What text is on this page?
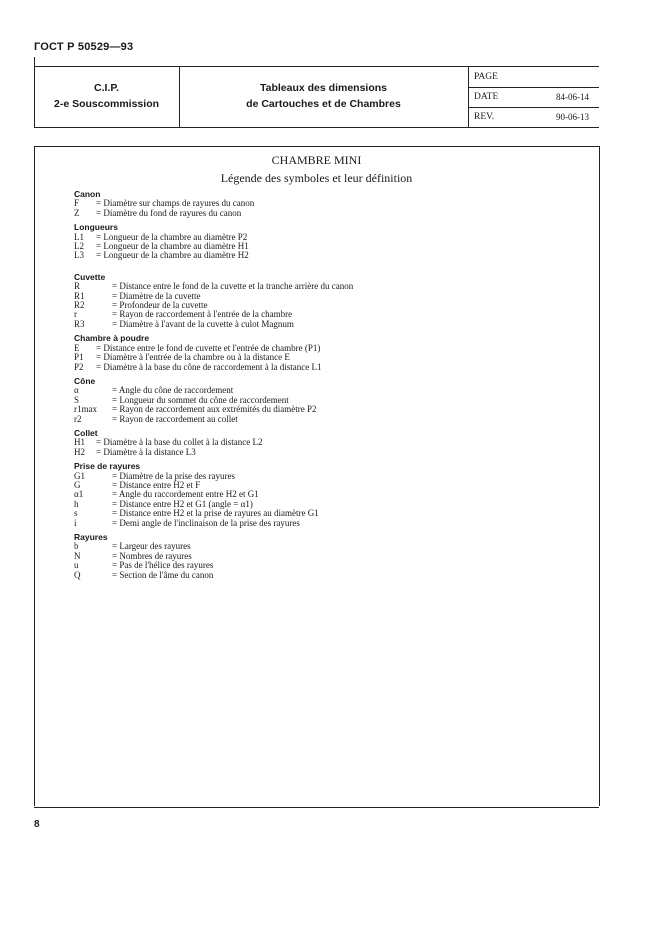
ГОСТ Р 50529—93
C.I.P.
2-e Souscommission
Tableaux des dimensions
de Cartouches et de Chambres
PAGE
DATE	84-06-14
REV.	90-06-13
CHAMBRE MINI
Légende des symboles et leur définition
Canon
F	= Diamètre sur champs de rayures du canon
Z	= Diamètre du fond de rayures du canon
Longueurs
L1	= Longueur de la chambre au diamètre P2
L2	= Longueur de la chambre au diamètre H1
L3	= Longueur de la chambre au diamètre H2
Cuvette
R	= Distance entre le fond de la cuvette et la tranche arrière du canon
R1	= Diamètre de la cuvette
R2	= Profondeur de la cuvette
r	= Rayon de raccordement à l'entrée de la chambre
R3	= Diamètre à l'avant de la cuvette à culot Magnum
Chambre à poudre
E	= Distance entre le fond de cuvette et l'entrée de chambre (P1)
P1	= Diamètre à l'entrée de la chambre ou à la distance E
P2	= Diamètre à la base du cône de raccordement à la distance L1
Cône
α	= Angle du cône de raccordement
S	= Longueur du sommet du cône de raccordement
r1max	= Rayon de raccordement aux extrémités du diamètre P2
r2	= Rayon de raccordement au collet
Collet
H1	= Diamètre à la base du collet à la distance L2
H2	= Diamètre à la distance L3
Prise de rayures
G1	= Diamètre de la prise des rayures
G	= Distance entre H2 et F
α1	= Angle du raccordement entre H2 et G1
h	= Distance entre H2 et G1 (angle = α1)
s	= Distance entre H2 et la prise de rayures au diamètre G1
i	= Demi angle de l'inclinaison de la prise des rayures
Rayures
b	= Largeur des rayures
N	= Nombres de rayures
u	= Pas de l'hélice des rayures
Q	= Section de l'âme du canon
8
